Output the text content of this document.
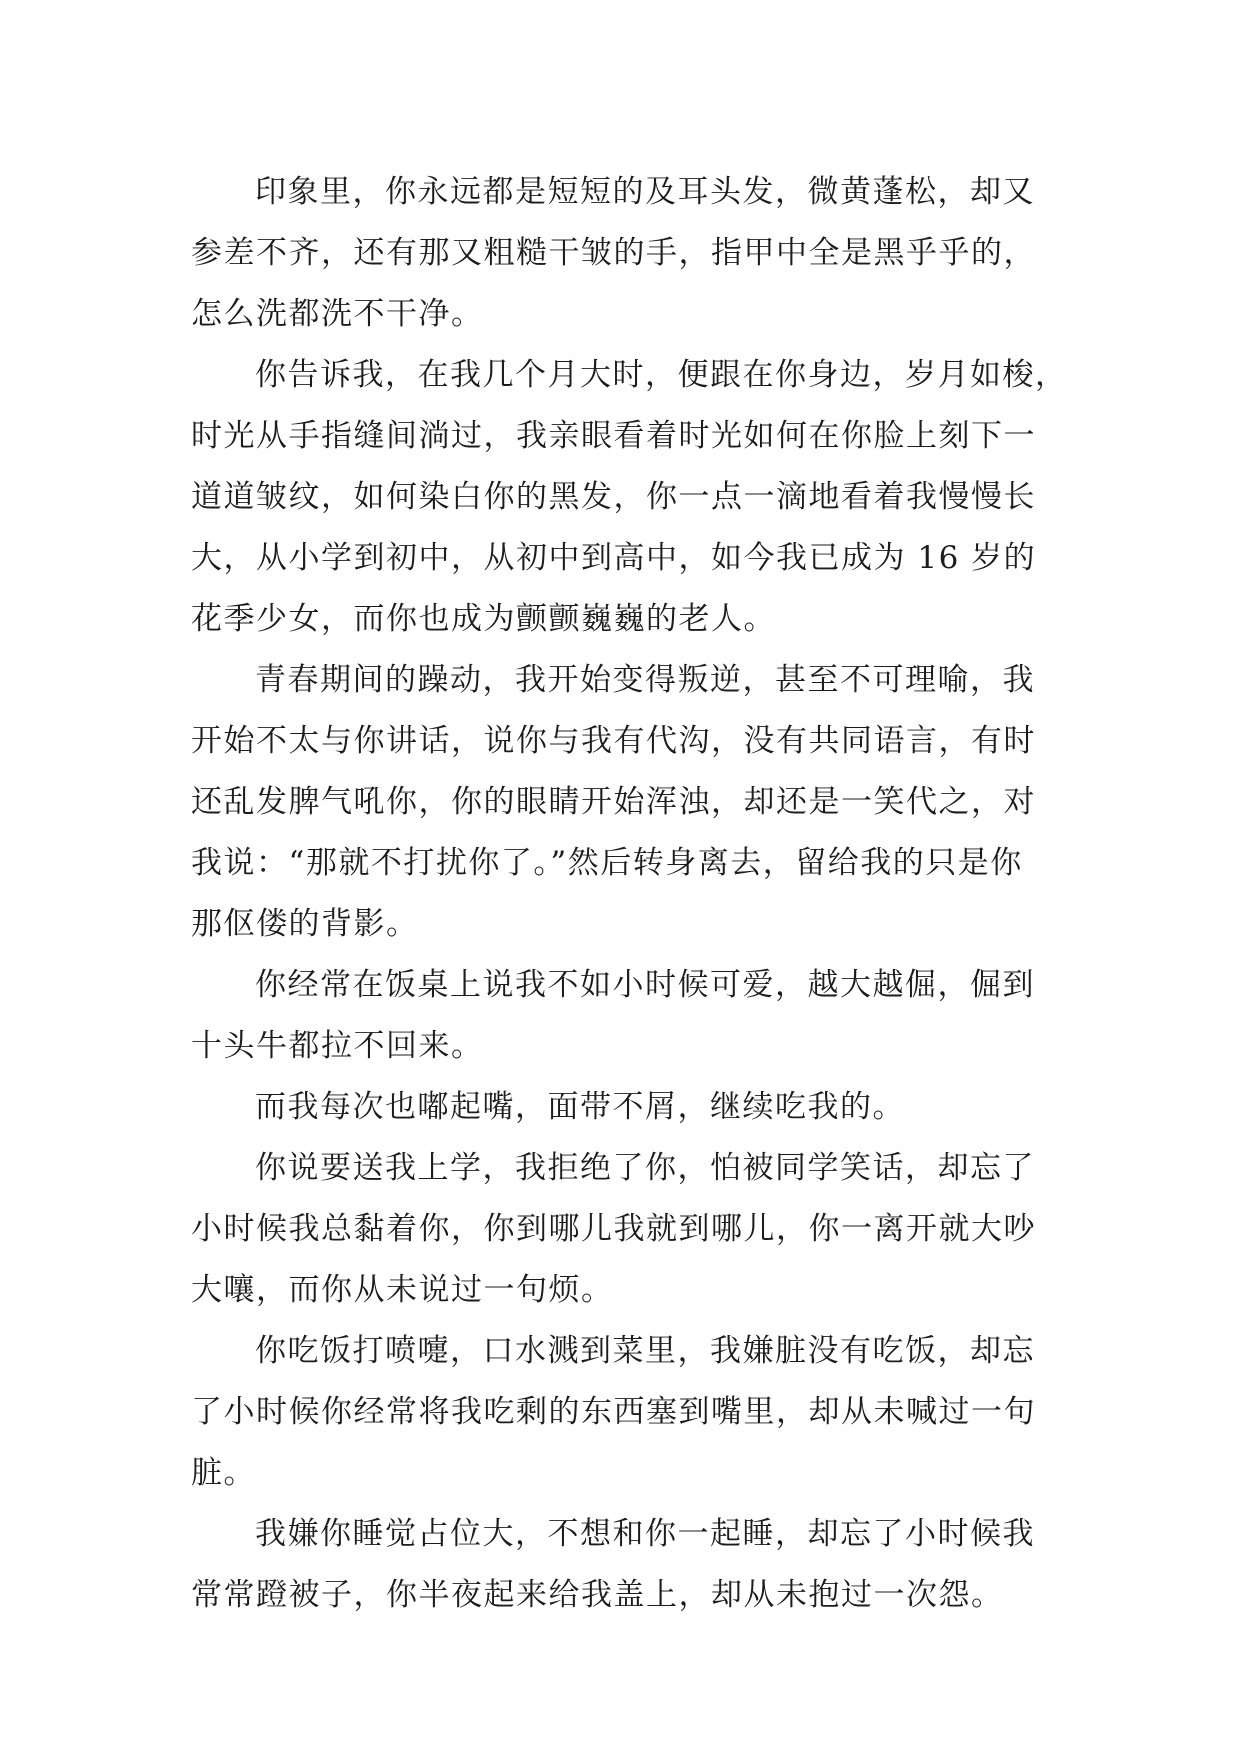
印象里，你永远都是短短的及耳头发，微黄蓬松，却又
参差不齐，还有那又粗糙干皱的手，指甲中全是黑乎乎的，
怎么洗都洗不干净。
你告诉我，在我几个月大时，便跟在你身边，岁月如梭，
时光从手指缝间淌过，我亲眼看着时光如何在你脸上刻下一
道道皱纹，如何染白你的黑发，你一点一滴地看着我慢慢长
大，从小学到初中，从初中到高中，如今我已成为 16 岁的
花季少女，而你也成为颤颤巍巍的老人。
青春期间的躁动，我开始变得叛逆，甚至不可理喻，我
开始不太与你讲话，说你与我有代沟，没有共同语言，有时
还乱发脾气吼你，你的眼睛开始浑浊，却还是一笑代之，对
我说：“那就不打扰你了。”然后转身离去，留给我的只是你
那伛偻的背影。
你经常在饭桌上说我不如小时候可爱，越大越倔，倔到
十头牛都拉不回来。
而我每次也嘟起嘴，面带不屑，继续吃我的。
你说要送我上学，我拒绝了你，怕被同学笑话，却忘了
小时候我总黏着你，你到哪儿我就到哪儿，你一离开就大吵
大嚷，而你从未说过一句烦。
你吃饭打喷嚏，口水溅到菜里，我嫌脏没有吃饭，却忘
了小时候你经常将我吃剩的东西塞到嘴里，却从未喊过一句
脏。
我嫌你睡觉占位大，不想和你一起睡，却忘了小时候我
常常蹬被子，你半夜起来给我盖上，却从未抱过一次怨。
